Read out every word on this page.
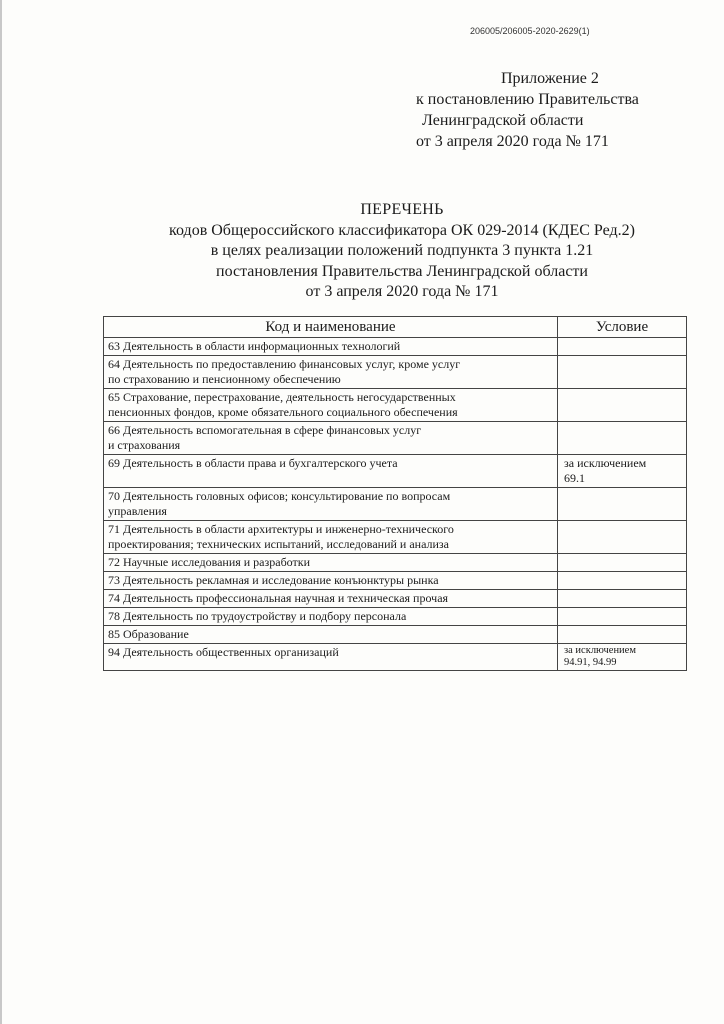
206005/206005-2020-2629(1)
Приложение 2
к постановлению Правительства
Ленинградской области
от 3 апреля 2020 года № 171
ПЕРЕЧЕНЬ
кодов Общероссийского классификатора ОК 029-2014 (КДЕС Ред.2)
в целях реализации положений подпункта 3 пункта 1.21
постановления Правительства Ленинградской области
от 3 апреля 2020 года № 171
Код и наименование	Условие

63 Деятельность в области информационных технологий	

64 Деятельность по предоставлению финансовых услуг, кроме услуг
по страхованию и пенсионному обеспечению	

65 Страхование, перестрахование, деятельность негосударственных
пенсионных фондов, кроме обязательного социального обеспечения	

66 Деятельность вспомогательная в сфере финансовых услуг
и страхования	

69 Деятельность в области права и бухгалтерского учета	за исключением
69.1

70 Деятельность головных офисов; консультирование по вопросам
управления	

71 Деятельность в области архитектуры и инженерно-технического
проектирования; технических испытаний, исследований и анализа	

72 Научные исследования и разработки	

73 Деятельность рекламная и исследование конъюнктуры рынка	

74 Деятельность профессиональная научная и техническая прочая	

78 Деятельность по трудоустройству и подбору персонала	

85 Образование	

94 Деятельность общественных организаций	за исключением
94.91, 94.99
